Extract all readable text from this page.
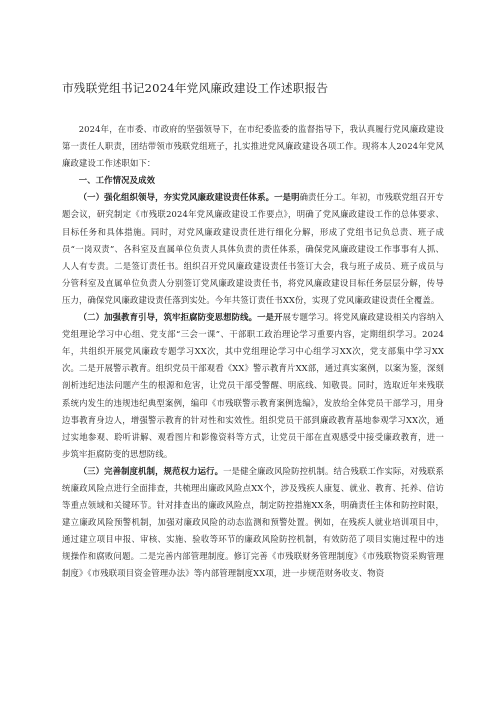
市残联党组书记2024年党风廉政建设工作述职报告

2024年，在市委、市政府的坚强领导下，在市纪委监委的监督指导下，我认真履行党风廉政建设第一责任人职责，团结带领市残联党组班子，扎实推进党风廉政建设各项工作。现将本人2024年党风廉政建设工作述职如下：

一、工作情况及成效

（一）强化组织领导，夯实党风廉政建设责任体系。一是明确责任分工。年初，市残联党组召开专题会议，研究制定《市残联2024年党风廉政建设工作要点》，明确了党风廉政建设工作的总体要求、目标任务和具体措施。同时，对党风廉政建设责任进行细化分解，形成了党组书记负总责、班子成员“一岗双责”、各科室及直属单位负责人具体负责的责任体系，确保党风廉政建设工作事事有人抓、人人有专责。二是签订责任书。组织召开党风廉政建设责任书签订大会，我与班子成员、班子成员与分管科室及直属单位负责人分别签订党风廉政建设责任书，将党风廉政建设目标任务层层分解，传导压力，确保党风廉政建设责任落到实处。今年共签订责任书XX份，实现了党风廉政建设责任全覆盖。

（二）加强教育引导，筑牢拒腐防变思想防线。一是开展专题学习。将党风廉政建设相关内容纳入党组理论学习中心组、党支部“三会一课”、干部职工政治理论学习重要内容，定期组织学习。2024年，共组织开展党风廉政专题学习XX次，其中党组理论学习中心组学习XX次，党支部集中学习XX次。二是开展警示教育。组织党员干部观看《XX》警示教育片XX部，通过真实案例，以案为鉴，深刻剖析违纪违法问题产生的根源和危害，让党员干部受警醒、明底线、知敬畏。同时，选取近年来残联系统内发生的违规违纪典型案例，编印《市残联警示教育案例选编》，发放给全体党员干部学习，用身边事教育身边人，增强警示教育的针对性和实效性。组织党员干部到廉政教育基地参观学习XX次，通过实地参观、聆听讲解、观看图片和影像资料等方式，让党员干部在直观感受中接受廉政教育，进一步筑牢拒腐防变的思想防线。

（三）完善制度机制，规范权力运行。一是健全廉政风险防控机制。结合残联工作实际，对残联系统廉政风险点进行全面排查，共梳理出廉政风险点XX个，涉及残疾人康复、就业、教育、托养、信访等重点领域和关键环节。针对排查出的廉政风险点，制定防控措施XX条，明确责任主体和防控时限，建立廉政风险预警机制，加强对廉政风险的动态监测和预警处置。例如，在残疾人就业培训项目中，通过建立项目申报、审核、实施、验收等环节的廉政风险防控机制，有效防范了项目实施过程中的违规操作和腐败问题。二是完善内部管理制度。修订完善《市残联财务管理制度》《市残联物资采购管理制度》《市残联项目资金管理办法》等内部管理制度XX项，进一步规范财务收支、物资
